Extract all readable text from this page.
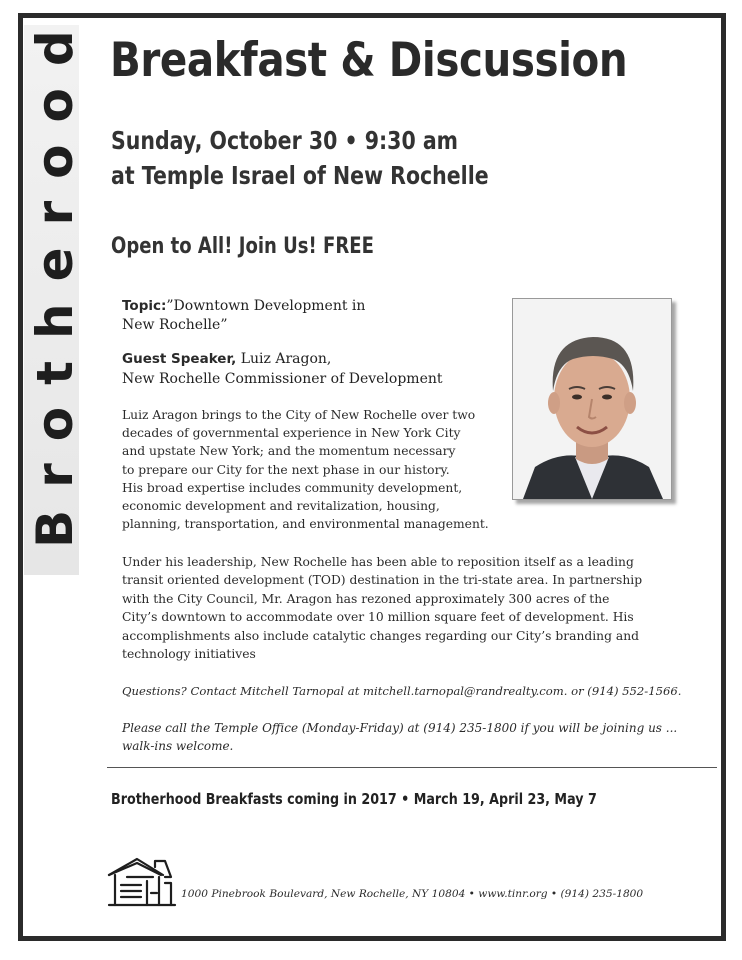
Brotherood Breakfast & Discussion
Sunday, October 30 • 9:30 am
at Temple Israel of New Rochelle
Open to All! Join Us! FREE
Topic:”Downtown Development in
New Rochelle”
Guest Speaker, Luiz Aragon,
New Rochelle Commissioner of Development
Luiz Aragon brings to the City of New Rochelle over two
decades of governmental experience in New York City
and upstate New York; and the momentum necessary
to prepare our City for the next phase in our history.
His broad expertise includes community development,
economic development and revitalization, housing,
planning, transportation, and environmental management.
Under his leadership, New Rochelle has been able to reposition itself as a leading
transit oriented development (TOD) destination in the tri-state area. In partnership
with the City Council, Mr. Aragon has rezoned approximately 300 acres of the
City’s downtown to accommodate over 10 million square feet of development. His
accomplishments also include catalytic changes regarding our City’s branding and
technology initiatives
Questions? Contact Mitchell Tarnopal at mitchell.tarnopal@randrealty.com. or (914) 552-1566.
Please call the Temple Office (Monday-Friday) at (914) 235-1800 if you will be joining us ...
walk-ins welcome.
Brotherhood Breakfasts coming in 2017 • March 19, April 23, May 7
1000 Pinebrook Boulevard, New Rochelle, NY 10804 • www.tinr.org • (914) 235-1800
